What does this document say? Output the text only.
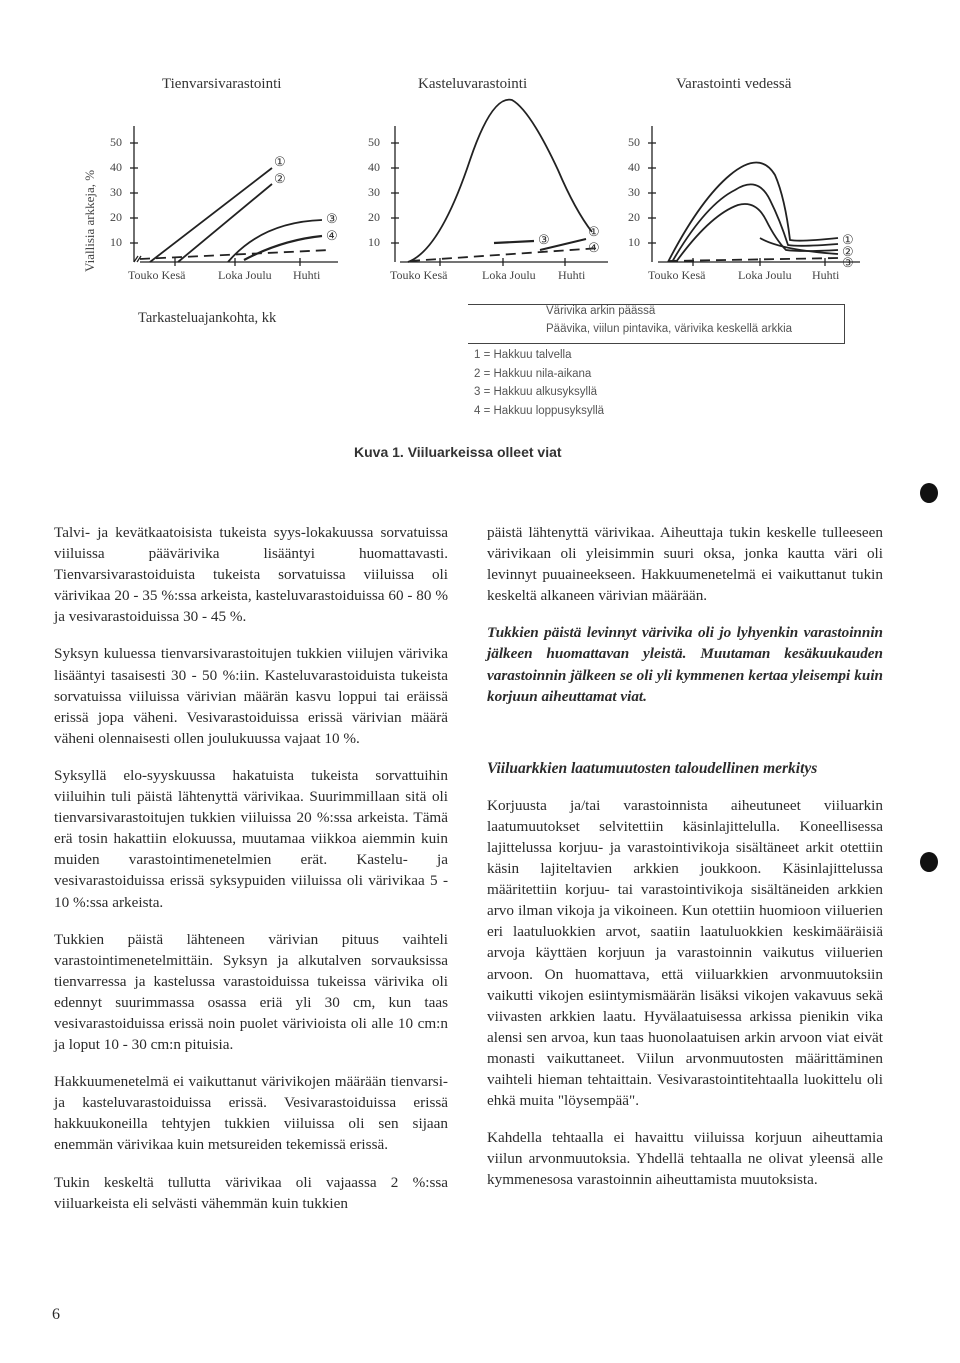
Tienvarsivarastointi	Kasteluvarastointi	Varastointi vedessä
Viallisia arkkeja, %
50
40
30
20
10
50
40
30
20
10
50
40
30
20
10
①
②
③
④	③
①
④
①
②
③
Touko Kesä	Loka Joulu Huhti	Touko Kesä	Loka Joulu Huhti	Touko Kesä	Loka Joulu Huhti
Tarkasteluajankohta, kk	Värivika arkin päässä
Päävika, viilun pintavika, värivika keskellä arkkia
1 = Hakkuu talvella
2 = Hakkuu nila-aikana
3 = Hakkuu alkusyksyllä
4 = Hakkuu loppusyksyllä
Kuva 1. Viiluarkeissa olleet viat

Talvi- ja kevätkaatoisista tukeista syys-lokakuussa sorvatuissa viiluissa päävärivika lisääntyi huomattavasti. Tienvarsivarastoiduista tukeista sorvatuissa viiluissa oli värivikaa 20 - 35 %:ssa arkeista, kasteluvarastoiduissa 60 - 80 % ja vesivarastoiduissa 30 - 45 %.

Syksyn kuluessa tienvarsivarastoitujen tukkien viilujen värivika lisääntyi tasaisesti 30 - 50 %:iin. Kasteluvarastoiduista tukeista sorvatuissa viiluissa värivian määrän kasvu loppui tai eräissä erissä jopa väheni. Vesivarastoiduissa erissä värivian määrä väheni olennaisesti ollen joulukuussa vajaat 10 %.

Syksyllä elo-syyskuussa hakatuista tukeista sorvattuihin viiluihin tuli päistä lähtenyttä värivikaa. Suurimmillaan sitä oli tienvarsivarastoitujen tukkien viiluissa 20 %:ssa arkeista. Tämä erä tosin hakattiin elokuussa, muutamaa viikkoa aiemmin kuin muiden varastointimenetelmien erät. Kastelu- ja vesivarastoiduissa erissä syksypuiden viiluissa oli värivikaa 5 - 10 %:ssa arkeista.

Tukkien päistä lähteneen värivian pituus vaihteli varastointimenetelmittäin. Syksyn ja alkutalven sorvauksissa tienvarressa ja kastelussa varastoiduissa tukeissa värivika oli edennyt suurimmassa osassa eriä yli 30 cm, kun taas vesivarastoiduissa erissä noin puolet värivioista oli alle 10 cm:n ja loput 10 - 30 cm:n pituisia.

Hakkuumenetelmä ei vaikuttanut värivikojen määrään tienvarsi- ja kasteluvarastoiduissa erissä. Vesivarastoiduissa erissä hakkuukoneilla tehtyjen tukkien viiluissa oli sen sijaan enemmän värivikaa kuin metsureiden tekemissä erissä.

Tukin keskeltä tullutta värivikaa oli vajaassa 2 %:ssa viiluarkeista eli selvästi vähemmän kuin tukkien

päistä lähtenyttä värivikaa. Aiheuttaja tukin keskelle tulleeseen värivikaan oli yleisimmin suuri oksa, jonka kautta väri oli levinnyt puuaineekseen. Hakkuumenetelmä ei vaikuttanut tukin keskeltä alkaneen värivian määrään.

Tukkien päistä levinnyt värivika oli jo lyhyenkin varastoinnin jälkeen huomattavan yleistä. Muutaman kesäkuukauden varastoinnin jälkeen se oli yli kymmenen kertaa yleisempi kuin korjuun aiheuttamat viat.

Viiluarkkien laatumuutosten taloudellinen merkitys

Korjuusta ja/tai varastoinnista aiheutuneet viiluarkin laatumuutokset selvitettiin käsinlajittelulla. Koneellisessa lajittelussa korjuu- ja varastointivikoja sisältäneet arkit otettiin käsin lajiteltavien arkkien joukkoon. Käsinlajittelussa määritettiin korjuu- tai varastointivikoja sisältäneiden arkkien arvo ilman vikoja ja vikoineen. Kun otettiin huomioon viiluerien eri laatuluokkien arvot, saatiin laatuluokkien keskimääräisiä arvoja käyttäen korjuun ja varastoinnin vaikutus viiluerien arvoon. On huomattava, että viiluarkkien arvonmuutoksiin vaikutti vikojen esiintymismäärän lisäksi vikojen vakavuus sekä viivasten arkkien laatu. Hyvälaatuisessa arkissa pienikin vika alensi sen arvoa, kun taas huonolaatuisen arkin arvoon viat eivät monasti vaikuttaneet. Viilun arvonmuutosten määrittäminen vaihteli hieman tehtaittain. Vesivarastointitehtaalla luokittelu oli ehkä muita "löysempää".

Kahdella tehtaalla ei havaittu viiluissa korjuun aiheuttamia viilun arvonmuutoksia. Yhdellä tehtaalla ne olivat yleensä alle kymmenesosa varastoinnin aiheuttamista muutoksista.

6
